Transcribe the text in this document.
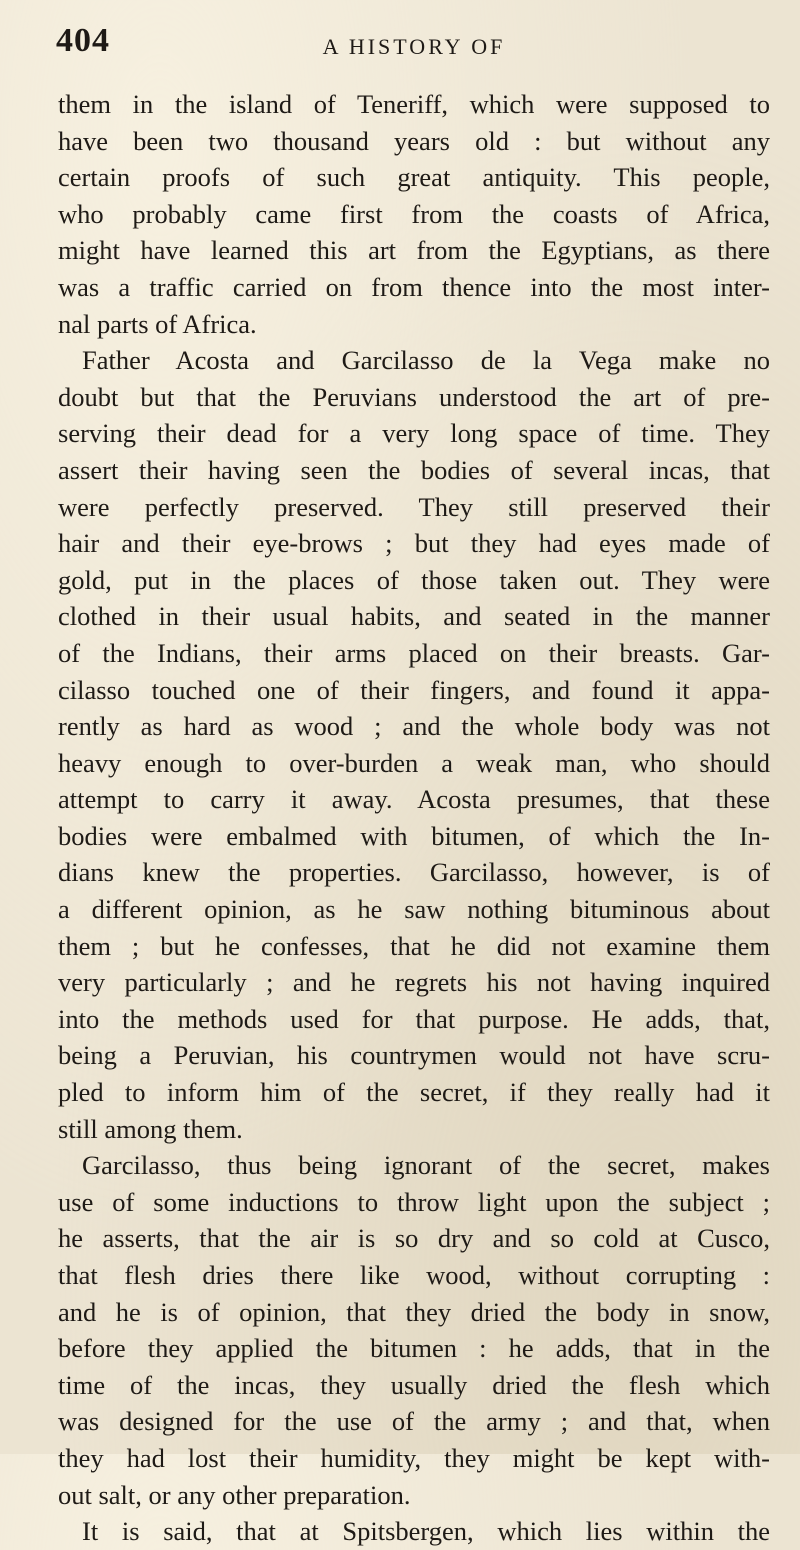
404	A HISTORY OF
them in the island of Teneriff, which were supposed to
have been two thousand years old : but without any
certain proofs of such great antiquity. This people,
who probably came first from the coasts of Africa,
might have learned this art from the Egyptians, as there
was a traffic carried on from thence into the most inter-
nal parts of Africa.
Father Acosta and Garcilasso de la Vega make no
doubt but that the Peruvians understood the art of pre-
serving their dead for a very long space of time. They
assert their having seen the bodies of several incas, that
were perfectly preserved. They still preserved their
hair and their eye-brows ; but they had eyes made of
gold, put in the places of those taken out. They were
clothed in their usual habits, and seated in the manner
of the Indians, their arms placed on their breasts. Gar-
cilasso touched one of their fingers, and found it appa-
rently as hard as wood ; and the whole body was not
heavy enough to over-burden a weak man, who should
attempt to carry it away. Acosta presumes, that these
bodies were embalmed with bitumen, of which the In-
dians knew the properties. Garcilasso, however, is of
a different opinion, as he saw nothing bituminous about
them ; but he confesses, that he did not examine them
very particularly ; and he regrets his not having inquired
into the methods used for that purpose. He adds, that,
being a Peruvian, his countrymen would not have scru-
pled to inform him of the secret, if they really had it
still among them.
Garcilasso, thus being ignorant of the secret, makes
use of some inductions to throw light upon the subject ;
he asserts, that the air is so dry and so cold at Cusco,
that flesh dries there like wood, without corrupting :
and he is of opinion, that they dried the body in snow,
before they applied the bitumen : he adds, that in the
time of the incas, they usually dried the flesh which
was designed for the use of the army ; and that, when
they had lost their humidity, they might be kept with-
out salt, or any other preparation.
It is said, that at Spitsbergen, which lies within the
